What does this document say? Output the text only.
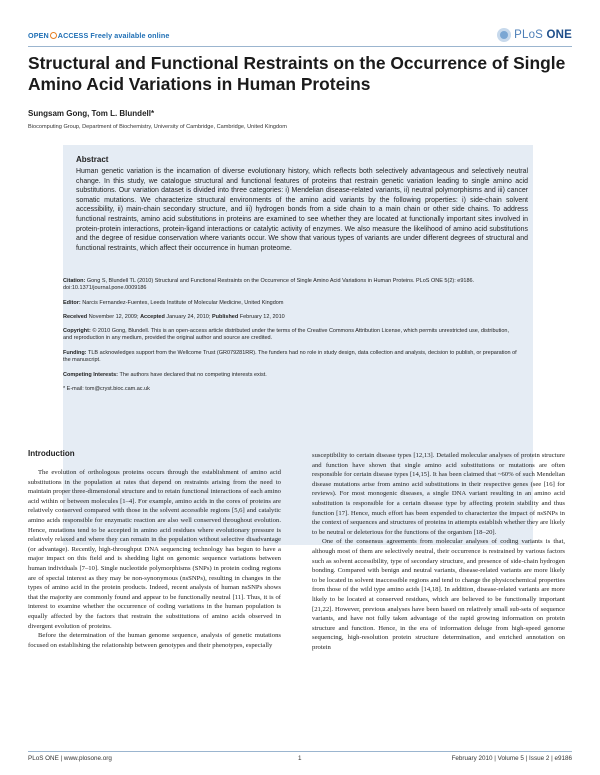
OPEN ACCESS Freely available online	PLoS ONE
Structural and Functional Restraints on the Occurrence of Single Amino Acid Variations in Human Proteins
Sungsam Gong, Tom L. Blundell*
Biocomputing Group, Department of Biochemistry, University of Cambridge, Cambridge, United Kingdom
Abstract

Human genetic variation is the incarnation of diverse evolutionary history, which reflects both selectively advantageous and selectively neutral change. In this study, we catalogue structural and functional features of proteins that restrain genetic variation leading to single amino acid substitutions. Our variation dataset is divided into three categories: i) Mendelian disease-related variants, ii) neutral polymorphisms and iii) cancer somatic mutations. We characterize structural environments of the amino acid variants by the following properties: i) side-chain solvent accessibility, ii) main-chain secondary structure, and iii) hydrogen bonds from a side chain to a main chain or other side chains. To address functional restraints, amino acid substitutions in proteins are examined to see whether they are located at functionally important sites involved in protein-protein interactions, protein-ligand interactions or catalytic activity of enzymes. We also measure the likelihood of amino acid substitutions and the degree of residue conservation where variants occur. We show that various types of variants are under different degrees of structural and functional restraints, which affect their occurrence in human proteome.

Citation: Gong S, Blundell TL (2010) Structural and Functional Restraints on the Occurrence of Single Amino Acid Variations in Human Proteins. PLoS ONE 5(2): e9186. doi:10.1371/journal.pone.0009186

Editor: Narcis Fernandez-Fuentes, Leeds Institute of Molecular Medicine, United Kingdom

Received November 12, 2009; Accepted January 24, 2010; Published February 12, 2010

Copyright: © 2010 Gong, Blundell. This is an open-access article distributed under the terms of the Creative Commons Attribution License, which permits unrestricted use, distribution, and reproduction in any medium, provided the original author and source are credited.

Funding: TLB acknowledges support from the Wellcome Trust (GR079281RR). The funders had no role in study design, data collection and analysis, decision to publish, or preparation of the manuscript.

Competing Interests: The authors have declared that no competing interests exist.

* E-mail: tom@cryst.bioc.cam.ac.uk

Introduction

The evolution of orthologous proteins occurs through the establishment of amino acid substitutions in the population at rates that depend on restraints arising from the need to maintain proper three-dimensional structure and to retain functional interactions of each amino acid within or between molecules [1–4]. For example, amino acids in the cores of proteins are relatively conserved compared with those in the solvent accessible regions [5,6] and catalytic amino acids responsible for enzymatic reaction are also well conserved throughout evolution. Hence, mutations tend to be accepted in amino acid residues where evolutionary pressure is relatively relaxed and where they can remain in the population without selective disadvantage (or advantage). Recently, high-throughput DNA sequencing technology has begun to have a major impact on this field and is shedding light on genomic sequence variations between human individuals [7–10]. Single nucleotide polymorphisms (SNPs) in protein coding regions are of special interest as they may be non-synonymous (nsSNPs), resulting in changes in the types of amino acid in the protein products. Indeed, recent analysis of human nsSNPs shows that the majority are commonly found and appear to be functionally neutral [11]. Thus, it is of interest to examine whether the occurrence of coding variations in the human population is equally affected by the factors that restrain the substitutions of amino acids observed in divergent evolution of proteins.

Before the determination of the human genome sequence, analysis of genetic mutations focused on establishing the relationship between genotypes and their phenotypes, especially

susceptibility to certain disease types [12,13]. Detailed molecular analyses of protein structure and function have shown that single amino acid substitutions or mutations are often responsible for certain disease types [14,15]. It has been claimed that ~60% of such Mendelian disease mutations arise from amino acid substitutions in their respective genes (see [16] for reviews). For most monogenic diseases, a single DNA variant resulting in an amino acid substitution is responsible for a certain disease type by affecting protein stability and thus function [17]. Hence, much effort has been expended to characterize the impact of nsSNPs in the context of sequences and structures of proteins in attempts establish whether they are likely to be neutral or deleterious for the functions of the organism [18–20].

One of the consensus agreements from molecular analyses of coding variants is that, although most of them are selectively neutral, their occurrence is restrained by various factors such as solvent accessibility, type of secondary structure, and presence of side-chain hydrogen bonding. Compared with benign and neutral variants, disease-related variants are more likely to be located in solvent inaccessible regions and tend to change the physicochemical properties from those of the wild type amino acids [14,18]. In addition, disease-related variants are more likely to be located at conserved residues, which are believed to be functionally important [21,22]. However, previous analyses have been based on relatively small sub-sets of sequence variants, and have not fully taken advantage of the rapid growing information on protein structure and function. Hence, in the era of information deluge from high-speed genome sequencing, high-resolution protein structure determination, and enriched annotation on protein

PLoS ONE | www.plosone.org	1	February 2010 | Volume 5 | Issue 2 | e9186
